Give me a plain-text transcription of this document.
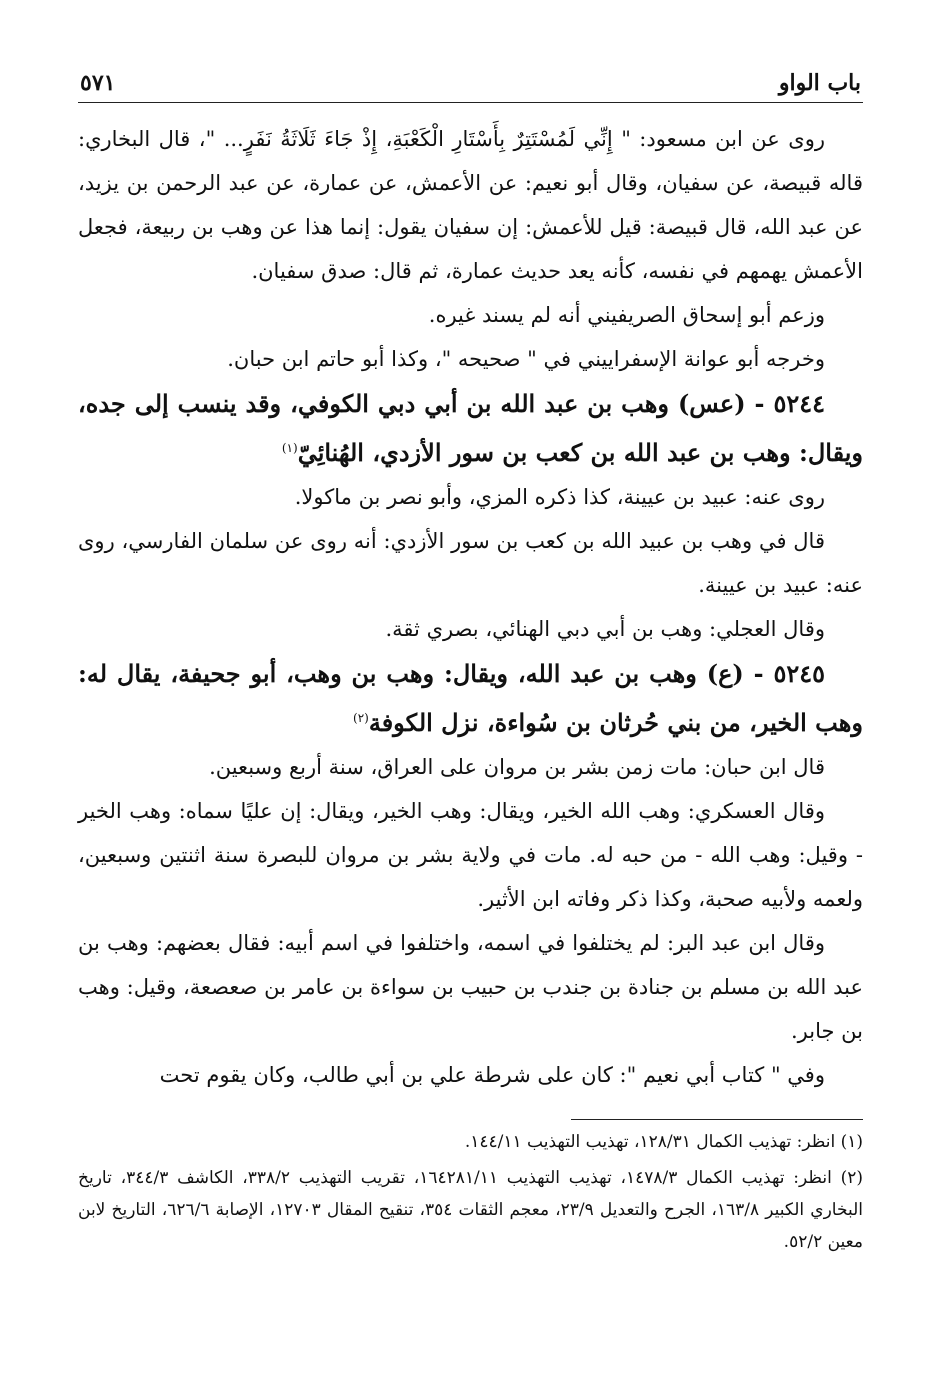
باب الواو
٥٧١

روى عن ابن مسعود: " إِنِّي لَمُسْتَتِرٌ بِأَسْتَارِ الْكَعْبَةِ، إِذْ جَاءَ ثَلَاثَةُ نَفَرٍ... "، قال البخاري: قاله قبيصة، عن سفيان، وقال أبو نعيم: عن الأعمش، عن عمارة، عن عبد الرحمن بن يزيد، عن عبد الله، قال قبيصة: قيل للأعمش: إن سفيان يقول: إنما هذا عن وهب بن ربيعة، فجعل الأعمش يهمهم في نفسه، كأنه يعد حديث عمارة، ثم قال: صدق سفيان.

وزعم أبو إسحاق الصريفيني أنه لم يسند غيره.

وخرجه أبو عوانة الإسفراييني في " صحيحه "، وكذا أبو حاتم ابن حبان.

٥٢٤٤ - (عس) وهب بن عبد الله بن أبي دبي الكوفي، وقد ينسب إلى جده، ويقال: وهب بن عبد الله بن كعب بن سور الأزدي، الهُنائِيّ$^{(١)}$

روى عنه: عبيد بن عيينة، كذا ذكره المزي، وأبو نصر بن ماكولا.

قال في وهب بن عبيد الله بن كعب بن سور الأزدي: أنه روى عن سلمان الفارسي، روى عنه: عبيد بن عيينة.

وقال العجلي: وهب بن أبي دبي الهنائي، بصري ثقة.

٥٢٤٥ - (ع) وهب بن عبد الله، ويقال: وهب بن وهب، أبو جحيفة، يقال له: وهب الخير، من بني حُرثان بن سُواءة، نزل الكوفة$^{(٢)}$

قال ابن حبان: مات زمن بشر بن مروان على العراق، سنة أربع وسبعين.

وقال العسكري: وهب الله الخير، ويقال: وهب الخير، ويقال: إن عليًا سماه: وهب الخير - وقيل: وهب الله - من حبه له. مات في ولاية بشر بن مروان للبصرة سنة اثنتين وسبعين، ولعمه ولأبيه صحبة، وكذا ذكر وفاته ابن الأثير.

وقال ابن عبد البر: لم يختلفوا في اسمه، واختلفوا في اسم أبيه: فقال بعضهم: وهب بن عبد الله بن مسلم بن جنادة بن جندب بن حبيب بن سواءة بن عامر بن صعصعة، وقيل: وهب بن جابر.

وفي " كتاب أبي نعيم ": كان على شرطة علي بن أبي طالب، وكان يقوم تحت

(١) انظر: تهذيب الكمال ١٢٨/٣١، تهذيب التهذيب ١٤٤/١١.

(٢) انظر: تهذيب الكمال ١٤٧٨/٣، تهذيب التهذيب ١٦٤٢٨١/١١، تقريب التهذيب ٣٣٨/٢، الكاشف ٣٤٤/٣، تاريخ البخاري الكبير ١٦٣/٨، الجرح والتعديل ٢٣/٩، معجم الثقات ٣٥٤، تنقيح المقال ١٢٧٠٣، الإصابة ٦٢٦/٦، التاريخ لابن معين ٥٢/٢.
